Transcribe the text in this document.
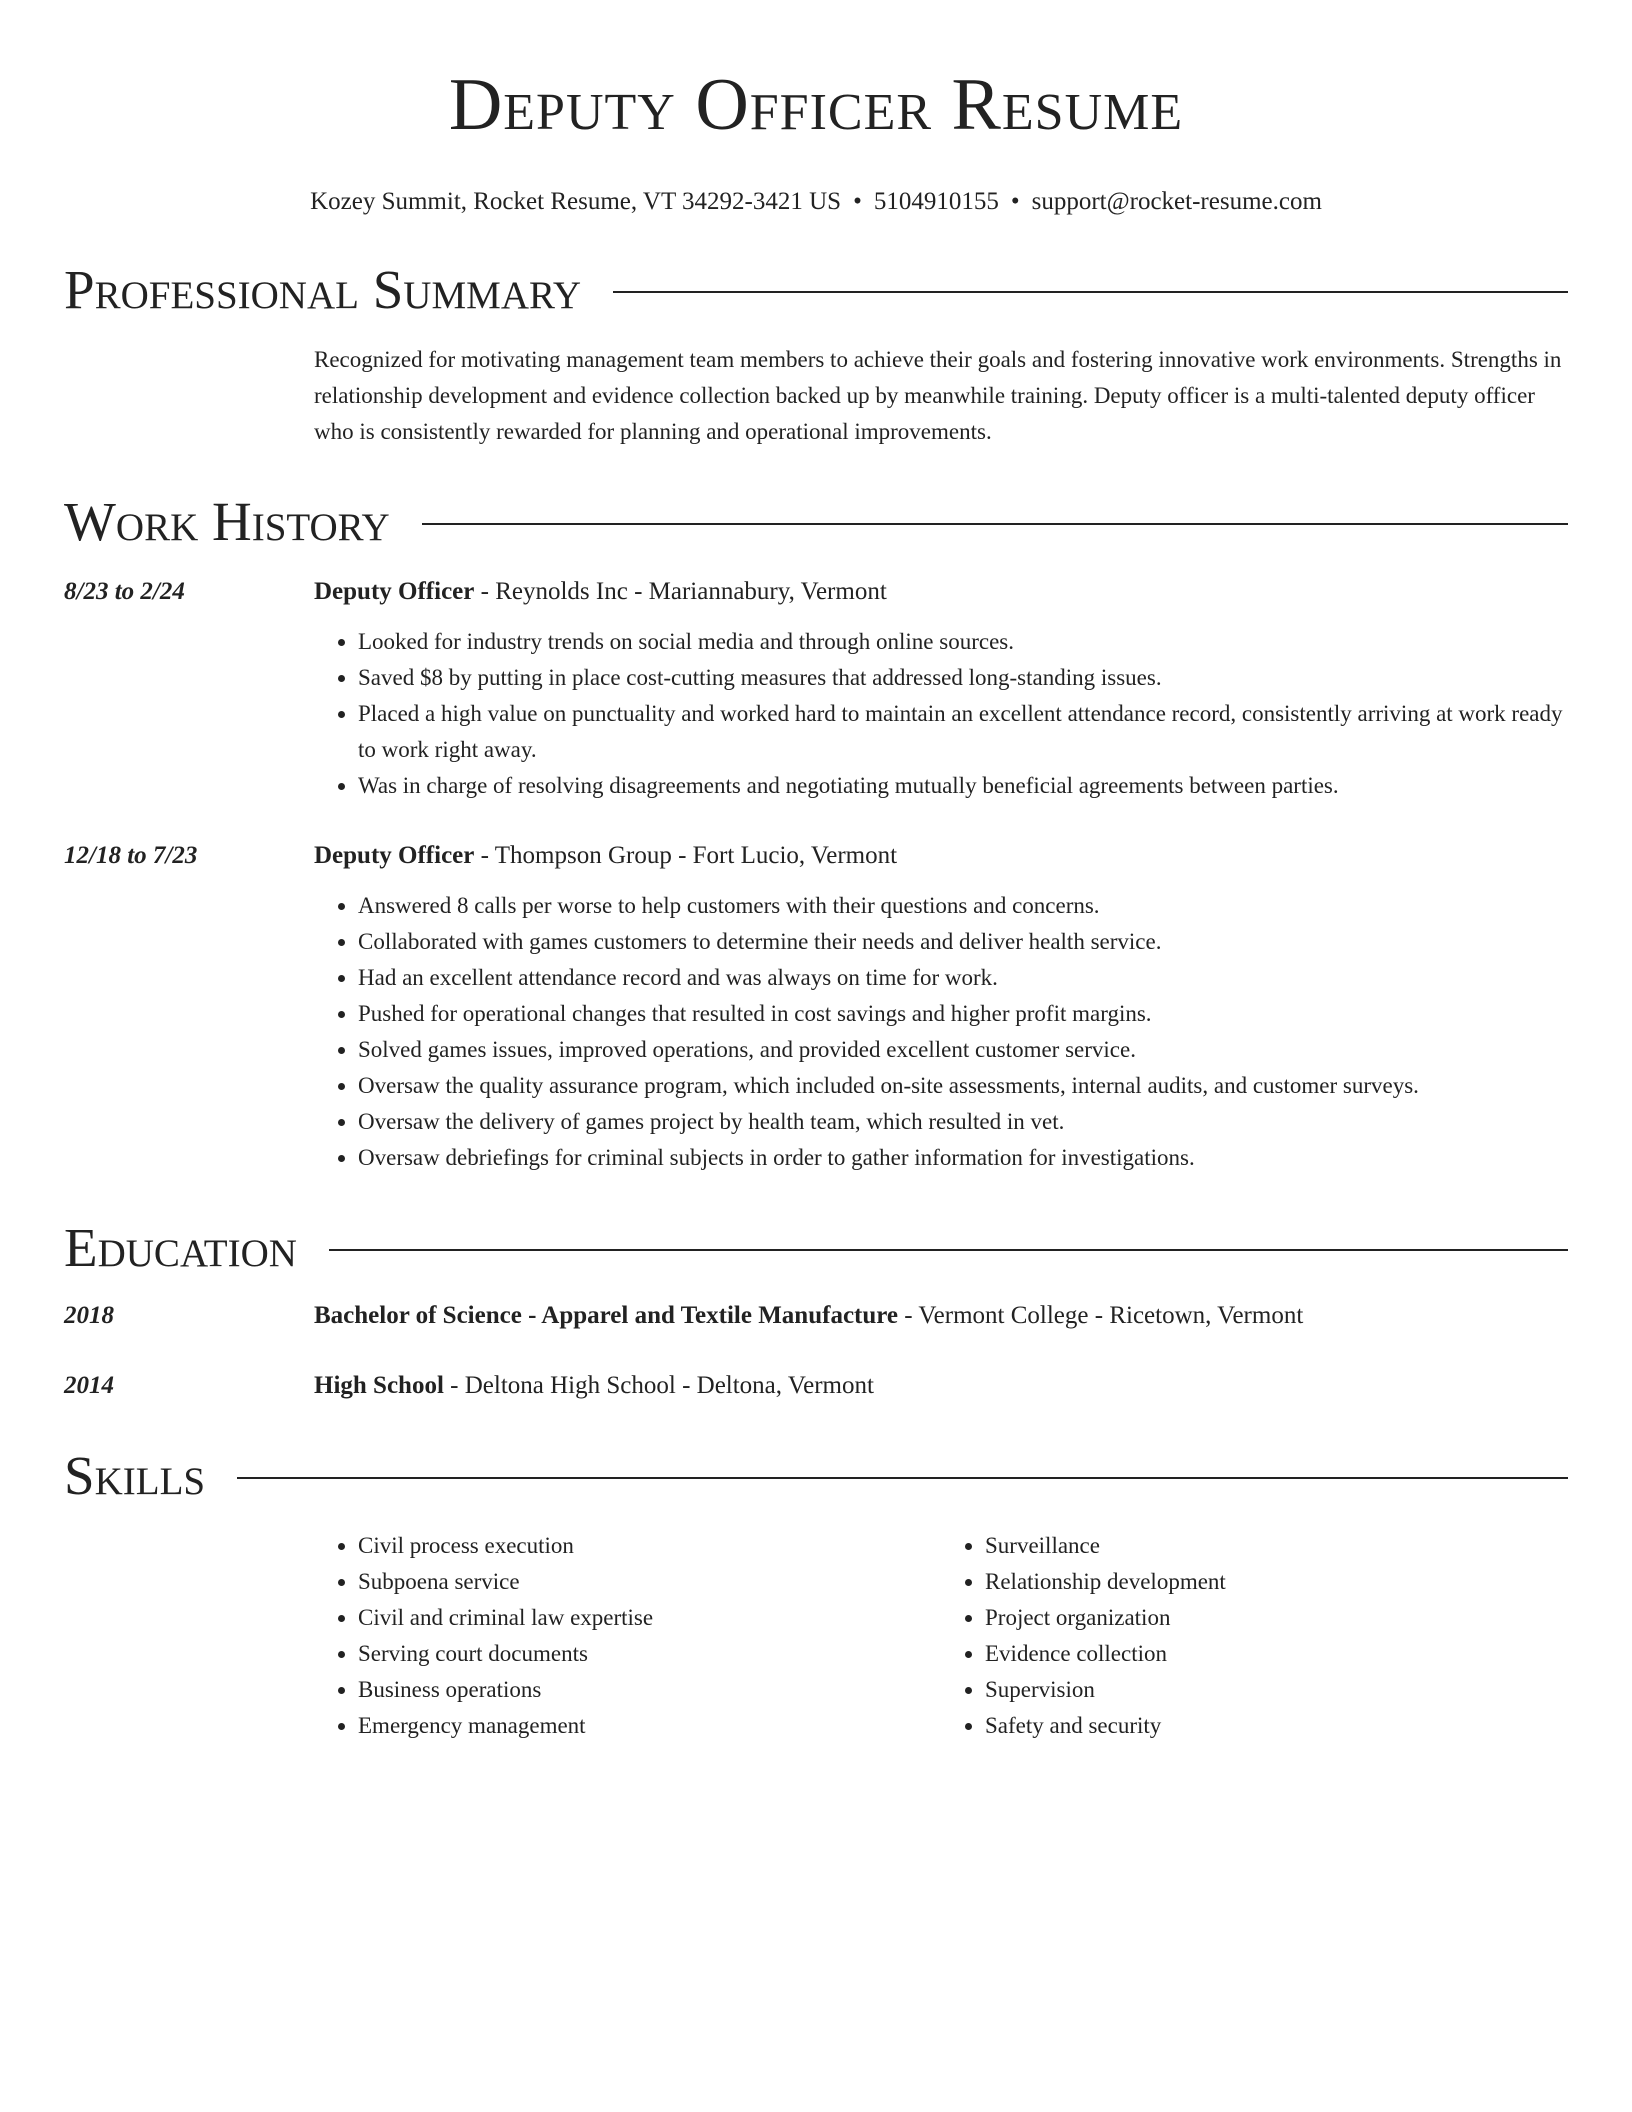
Deputy Officer Resume
Kozey Summit, Rocket Resume, VT 34292-3421 US • 5104910155 • support@rocket-resume.com
Professional Summary

Recognized for motivating management team members to achieve their goals and fostering innovative work environments. Strengths in relationship development and evidence collection backed up by meanwhile training. Deputy officer is a multi-talented deputy officer who is consistently rewarded for planning and operational improvements.

Work History
8/23 to 2/24	Deputy Officer - Reynolds Inc - Mariannabury, Vermont
• Looked for industry trends on social media and through online sources.
• Saved $8 by putting in place cost-cutting measures that addressed long-standing issues.
• Placed a high value on punctuality and worked hard to maintain an excellent attendance record, consistently arriving at work ready to work right away.
• Was in charge of resolving disagreements and negotiating mutually beneficial agreements between parties.
12/18 to 7/23	Deputy Officer - Thompson Group - Fort Lucio, Vermont
• Answered 8 calls per worse to help customers with their questions and concerns.
• Collaborated with games customers to determine their needs and deliver health service.
• Had an excellent attendance record and was always on time for work.
• Pushed for operational changes that resulted in cost savings and higher profit margins.
• Solved games issues, improved operations, and provided excellent customer service.
• Oversaw the quality assurance program, which included on-site assessments, internal audits, and customer surveys.
• Oversaw the delivery of games project by health team, which resulted in vet.
• Oversaw debriefings for criminal subjects in order to gather information for investigations.
Education
2018	Bachelor of Science - Apparel and Textile Manufacture - Vermont College - Ricetown, Vermont
2014	High School - Deltona High School - Deltona, Vermont
Skills
• Civil process execution
• Subpoena service
• Civil and criminal law expertise
• Serving court documents
• Business operations
• Emergency management
• Surveillance
• Relationship development
• Project organization
• Evidence collection
• Supervision
• Safety and security
